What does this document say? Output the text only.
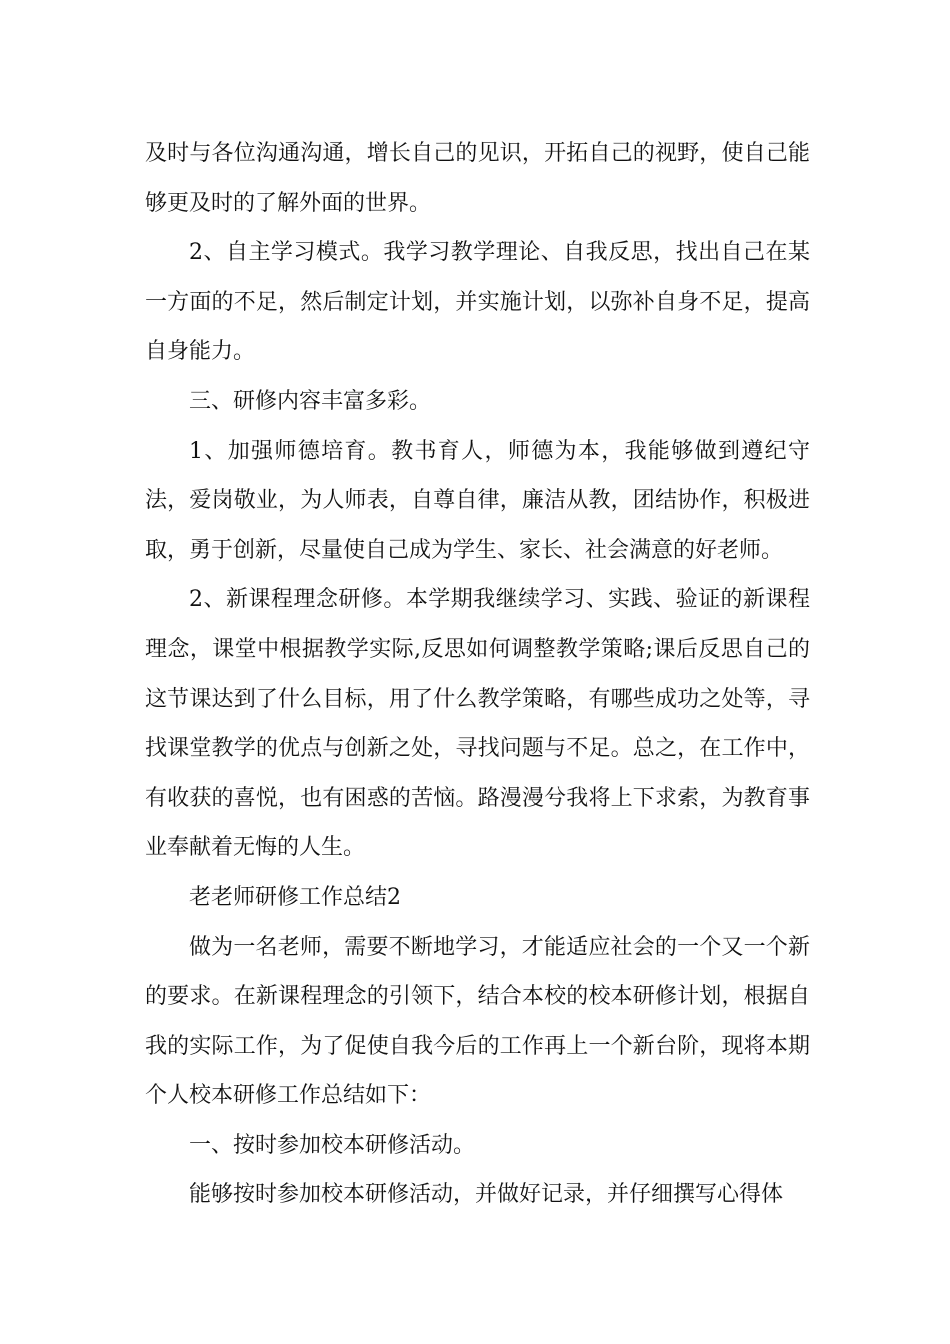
及时与各位沟通沟通，增长自己的见识，开拓自己的视野，使自己能够更及时的了解外面的世界。

2、自主学习模式。我学习教学理论、自我反思，找出自己在某一方面的不足，然后制定计划，并实施计划，以弥补自身不足，提高自身能力。

三、研修内容丰富多彩。

1、加强师德培育。教书育人，师德为本，我能够做到遵纪守法，爱岗敬业，为人师表，自尊自律，廉洁从教，团结协作，积极进取，勇于创新，尽量使自己成为学生、家长、社会满意的好老师。

2、新课程理念研修。本学期我继续学习、实践、验证的新课程理念，课堂中根据教学实际,反思如何调整教学策略;课后反思自己的这节课达到了什么目标，用了什么教学策略，有哪些成功之处等，寻找课堂教学的优点与创新之处，寻找问题与不足。总之，在工作中，有收获的喜悦，也有困惑的苦恼。路漫漫兮我将上下求索，为教育事业奉献着无悔的人生。

老老师研修工作总结2

做为一名老师，需要不断地学习，才能适应社会的一个又一个新的要求。在新课程理念的引领下，结合本校的校本研修计划，根据自我的实际工作，为了促使自我今后的工作再上一个新台阶，现将本期个人校本研修工作总结如下：

一、按时参加校本研修活动。

能够按时参加校本研修活动，并做好记录，并仔细撰写心得体
